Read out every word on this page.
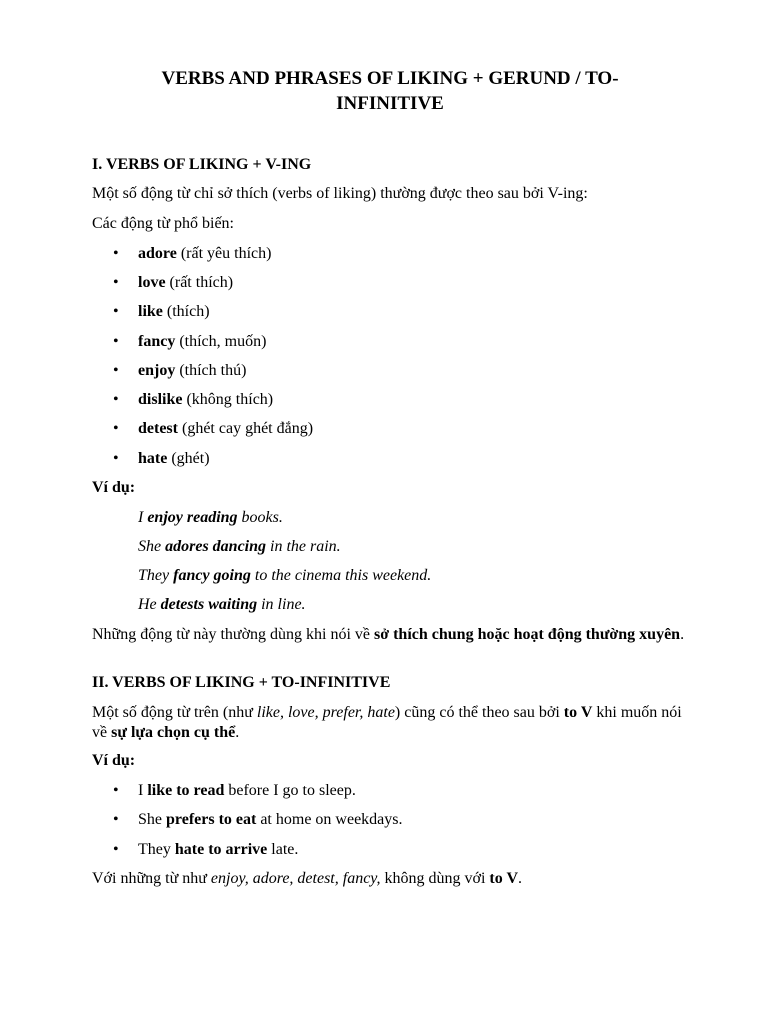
VERBS AND PHRASES OF LIKING + GERUND / TO-INFINITIVE
I. VERBS OF LIKING + V-ING
Một số động từ chỉ sở thích (verbs of liking) thường được theo sau bởi V-ing:
Các động từ phổ biến:
• adore (rất yêu thích)
• love (rất thích)
• like (thích)
• fancy (thích, muốn)
• enjoy (thích thú)
• dislike (không thích)
• detest (ghét cay ghét đắng)
• hate (ghét)
Ví dụ:
I enjoy reading books.
She adores dancing in the rain.
They fancy going to the cinema this weekend.
He detests waiting in line.
Những động từ này thường dùng khi nói về sở thích chung hoặc hoạt động thường xuyên.
II. VERBS OF LIKING + TO-INFINITIVE
Một số động từ trên (như like, love, prefer, hate) cũng có thể theo sau bởi to V khi muốn nói về sự lựa chọn cụ thể.
Ví dụ:
• I like to read before I go to sleep.
• She prefers to eat at home on weekdays.
• They hate to arrive late.
Với những từ như enjoy, adore, detest, fancy, không dùng với to V.
